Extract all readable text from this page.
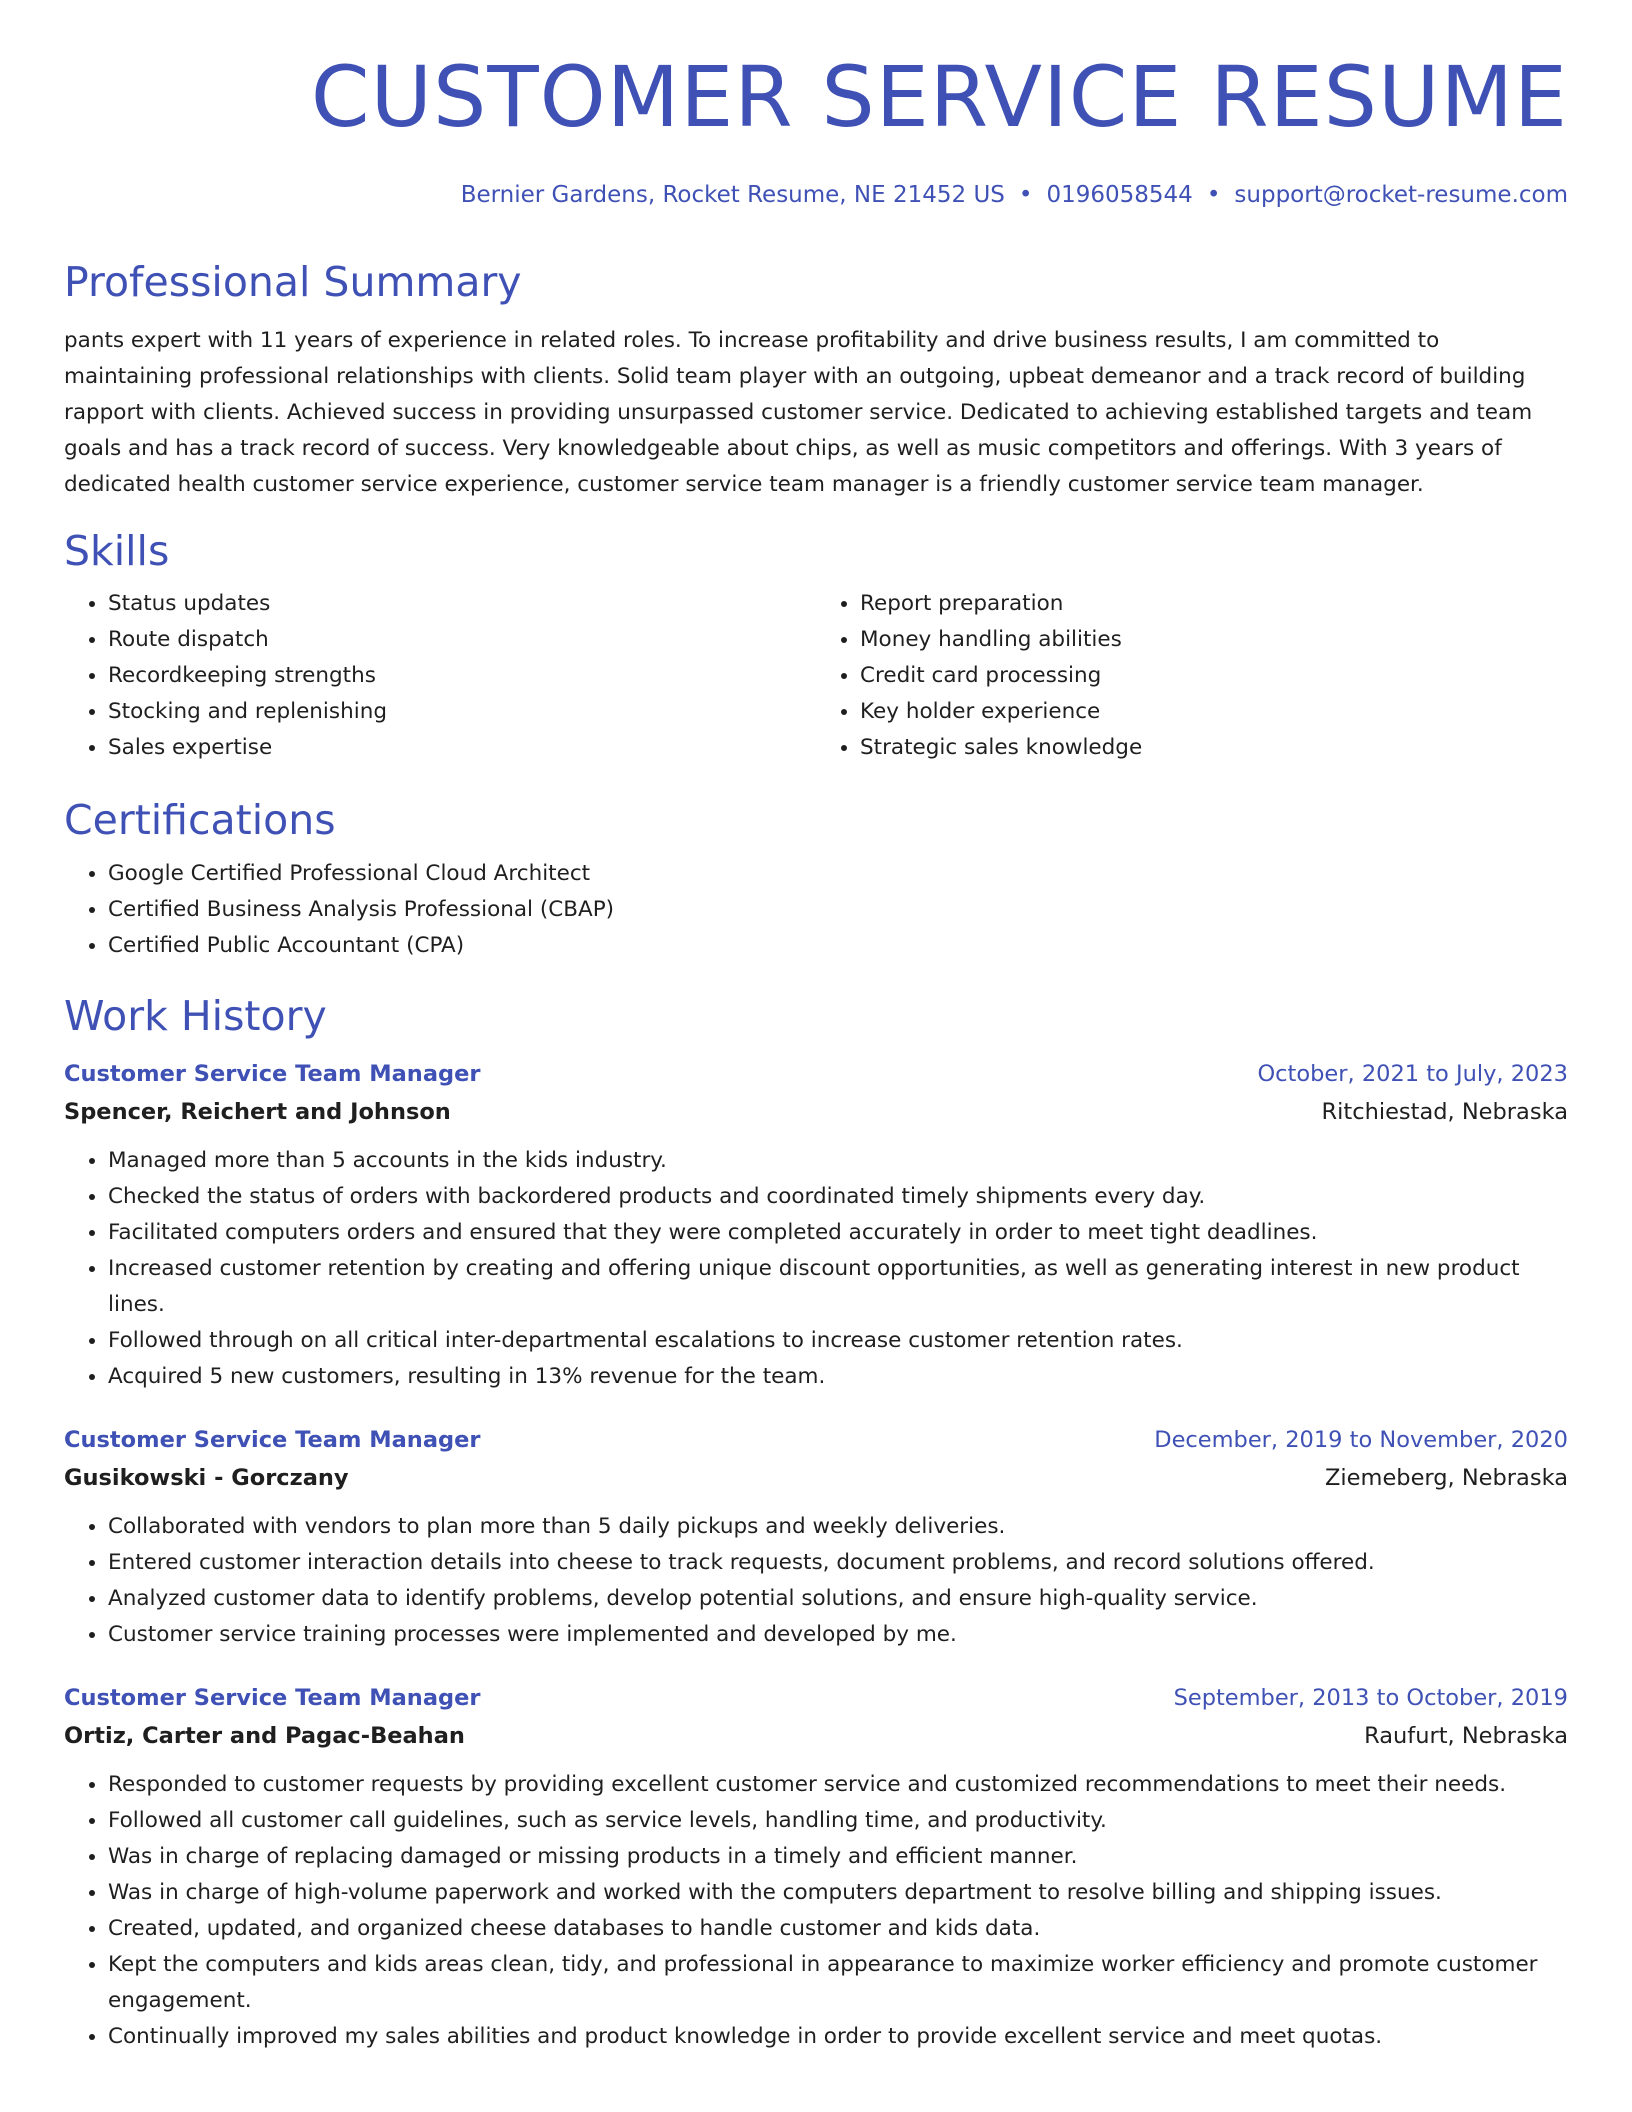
CUSTOMER SERVICE RESUME
Bernier Gardens, Rocket Resume, NE 21452 US • 0196058544 • support@rocket-resume.com
Professional Summary

pants expert with 11 years of experience in related roles. To increase profitability and drive business results, I am committed to maintaining professional relationships with clients. Solid team player with an outgoing, upbeat demeanor and a track record of building rapport with clients. Achieved success in providing unsurpassed customer service. Dedicated to achieving established targets and team goals and has a track record of success. Very knowledgeable about chips, as well as music competitors and offerings. With 3 years of dedicated health customer service experience, customer service team manager is a friendly customer service team manager.

Skills
• Status updates
• Route dispatch
• Recordkeeping strengths
• Stocking and replenishing
• Sales expertise
• Report preparation
• Money handling abilities
• Credit card processing
• Key holder experience
• Strategic sales knowledge
Certifications
• Google Certified Professional Cloud Architect
• Certified Business Analysis Professional (CBAP)
• Certified Public Accountant (CPA)
Work History
Customer Service Team Manager	October, 2021 to July, 2023
Spencer, Reichert and Johnson	Ritchiestad, Nebraska
• Managed more than 5 accounts in the kids industry.
• Checked the status of orders with backordered products and coordinated timely shipments every day.
• Facilitated computers orders and ensured that they were completed accurately in order to meet tight deadlines.
• Increased customer retention by creating and offering unique discount opportunities, as well as generating interest in new product lines.
• Followed through on all critical inter-departmental escalations to increase customer retention rates.
• Acquired 5 new customers, resulting in 13% revenue for the team.
Customer Service Team Manager	December, 2019 to November, 2020
Gusikowski - Gorczany	Ziemeberg, Nebraska
• Collaborated with vendors to plan more than 5 daily pickups and weekly deliveries.
• Entered customer interaction details into cheese to track requests, document problems, and record solutions offered.
• Analyzed customer data to identify problems, develop potential solutions, and ensure high-quality service.
• Customer service training processes were implemented and developed by me.
Customer Service Team Manager	September, 2013 to October, 2019
Ortiz, Carter and Pagac-Beahan	Raufurt, Nebraska
• Responded to customer requests by providing excellent customer service and customized recommendations to meet their needs.
• Followed all customer call guidelines, such as service levels, handling time, and productivity.
• Was in charge of replacing damaged or missing products in a timely and efficient manner.
• Was in charge of high-volume paperwork and worked with the computers department to resolve billing and shipping issues.
• Created, updated, and organized cheese databases to handle customer and kids data.
• Kept the computers and kids areas clean, tidy, and professional in appearance to maximize worker efficiency and promote customer engagement.
• Continually improved my sales abilities and product knowledge in order to provide excellent service and meet quotas.
